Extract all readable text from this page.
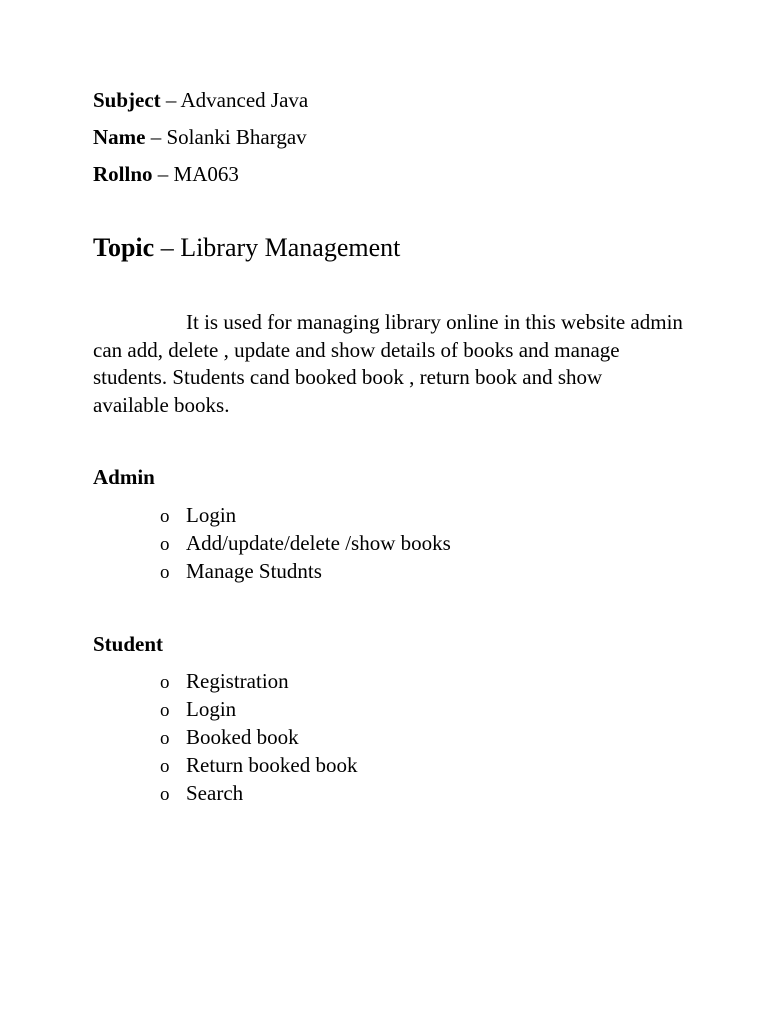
Subject – Advanced Java
Name – Solanki Bhargav
Rollno – MA063
Topic – Library Management

It is used for managing library online in this website admin can add, delete , update and show details of books and manage students. Students cand booked book , return book and show available books.

Admin
o Login
o Add/update/delete /show books
o Manage Studnts
Student
o Registration
o Login
o Booked book
o Return booked book
o Search
